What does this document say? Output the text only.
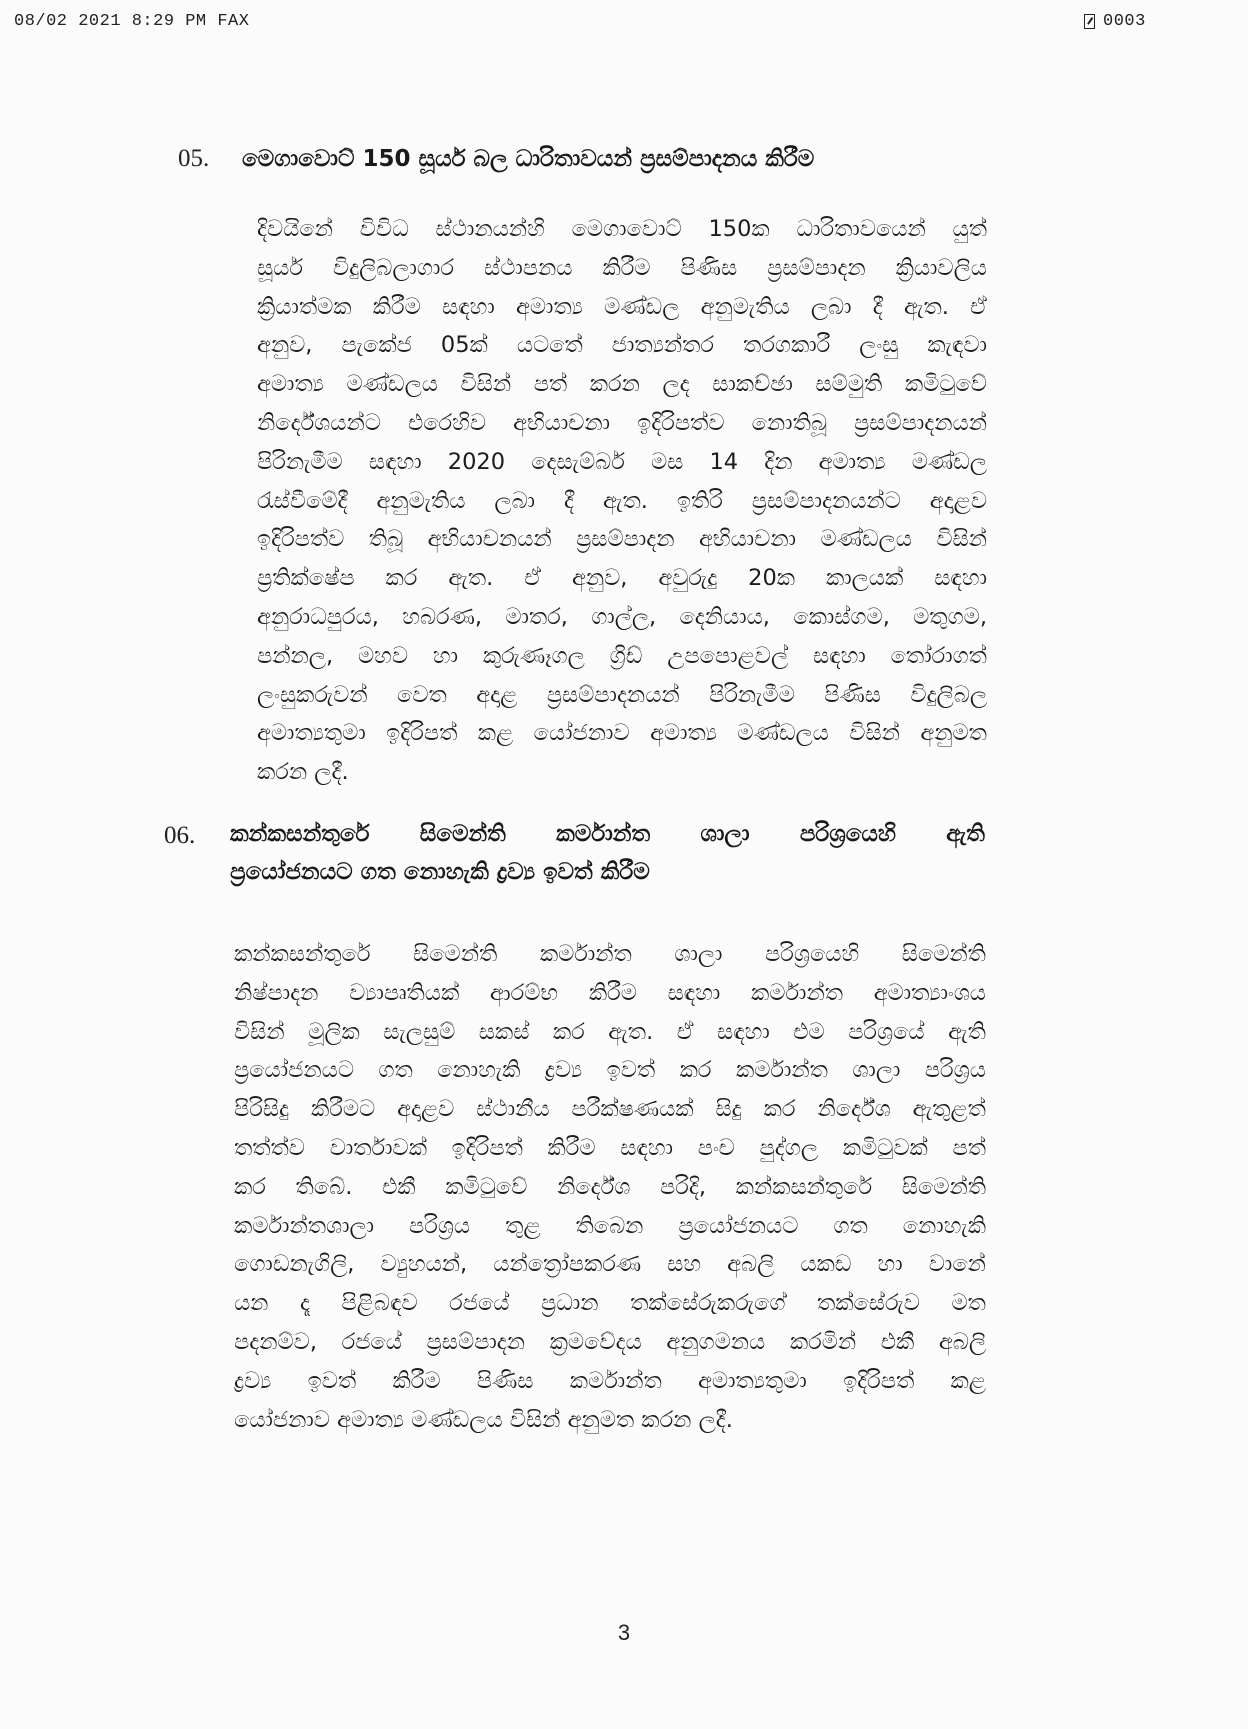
08/02 2021 8:29 PM FAX	0003
05. මෙගාවොට් 150 සූර්ය බල ධාරිතාවයන් ප්‍රසම්පාදනය කිරීම
දිවයිනේ විවිධ ස්ථානයන්හි මෙගාවොට් 150ක ධාරිතාවයෙන් යුත්
සූර්ය විදුලිබලාගාර ස්ථාපනය කිරීම පිණිස ප්‍රසම්පාදන ක්‍රියාවලිය
ක්‍රියාත්මක කිරීම සඳහා අමාත්‍ය මණ්ඩල අනුමැතිය ලබා දී ඇත. ඒ
අනුව, පැකේජ 05ක් යටතේ ජාත්‍යන්තර තරගකාරී ලංසු කැඳවා
අමාත්‍ය මණ්ඩලය විසින් පත් කරන ලද සාකච්ඡා සම්මුති කමිටුවේ
නිර්දේශයන්ට එරෙහිව අභියාචනා ඉදිරිපත්ව නොතිබූ ප්‍රසම්පාදනයන්
පිරිනැමීම සඳහා 2020 දෙසැම්බර් මස 14 දින අමාත්‍ය මණ්ඩල
රැස්වීමේදී අනුමැතිය ලබා දී ඇත. ඉතිරි ප්‍රසම්පාදනයන්ට අදාළව
ඉදිරිපත්ව තිබූ අභියාචනයන් ප්‍රසම්පාදන අභියාචනා මණ්ඩලය විසින්
ප්‍රතික්ෂේප කර ඇත. ඒ අනුව, අවුරුදු 20ක කාලයක් සඳහා
අනුරාධපුරය, හබරණ, මාතර, ගාල්ල, දෙනියාය, කොස්ගම, මතුගම,
පන්නල, මහව හා කුරුණෑගල ග්‍රිඩ් උපපොළවල් සඳහා තෝරාගත්
ලංසුකරුවන් වෙත අදාළ ප්‍රසම්පාදනයන් පිරිනැමීම පිණිස විදුලිබල
අමාත්‍යතුමා ඉදිරිපත් කළ යෝජනාව අමාත්‍ය මණ්ඩලය විසින් අනුමත
කරන ලදී.
06. කන්කසන්තුරේ සිමෙන්ති කර්මාන්ත ශාලා පරිශ්‍රයෙහි ඇති
ප්‍රයෝජනයට ගත නොහැකි ද්‍රව්‍ය ඉවත් කිරීම
කන්කසන්තුරේ සිමෙන්ති කර්මාන්ත ශාලා පරිශ්‍රයෙහි සිමෙන්ති
නිෂ්පාදන ව්‍යාපෘතියක් ආරම්භ කිරීම සඳහා කර්මාන්ත අමාත්‍යාංශය
විසින් මූලික සැලසුම් සකස් කර ඇත. ඒ සඳහා එම පරිශ්‍රයේ ඇති
ප්‍රයෝජනයට ගත නොහැකි ද්‍රව්‍ය ඉවත් කර කර්මාන්ත ශාලා පරිශ්‍රය
පිරිසිදු කිරීමට අදාළව ස්ථානීය පරීක්ෂණයක් සිදු කර නිර්දේශ ඇතුළත්
තත්ත්ව වාර්තාවක් ඉදිරිපත් කිරීම සඳහා පංච පුද්ගල කමිටුවක් පත්
කර තිබේ. එකී කමිටුවේ නිර්දේශ පරිදි, කන්කසන්තුරේ සිමෙන්ති
කර්මාන්තශාලා පරිශ්‍රය තුළ තිබෙන ප්‍රයෝජනයට ගත නොහැකි
ගොඩනැගිලි, ව්‍යුහයන්, යන්ත්‍රෝපකරණ සහ අබලි යකඩ හා වානේ
යන දෑ පිළිබඳව රජයේ ප්‍රධාන තක්සේරුකරුගේ තක්සේරුව මත
පදනම්ව, රජයේ ප්‍රසම්පාදන ක්‍රමවේදය අනුගමනය කරමින් එකී අබලි
ද්‍රව්‍ය ඉවත් කිරීම පිණිස කර්මාන්ත අමාත්‍යතුමා ඉදිරිපත් කළ
යෝජනාව අමාත්‍ය මණ්ඩලය විසින් අනුමත කරන ලදී.
3
